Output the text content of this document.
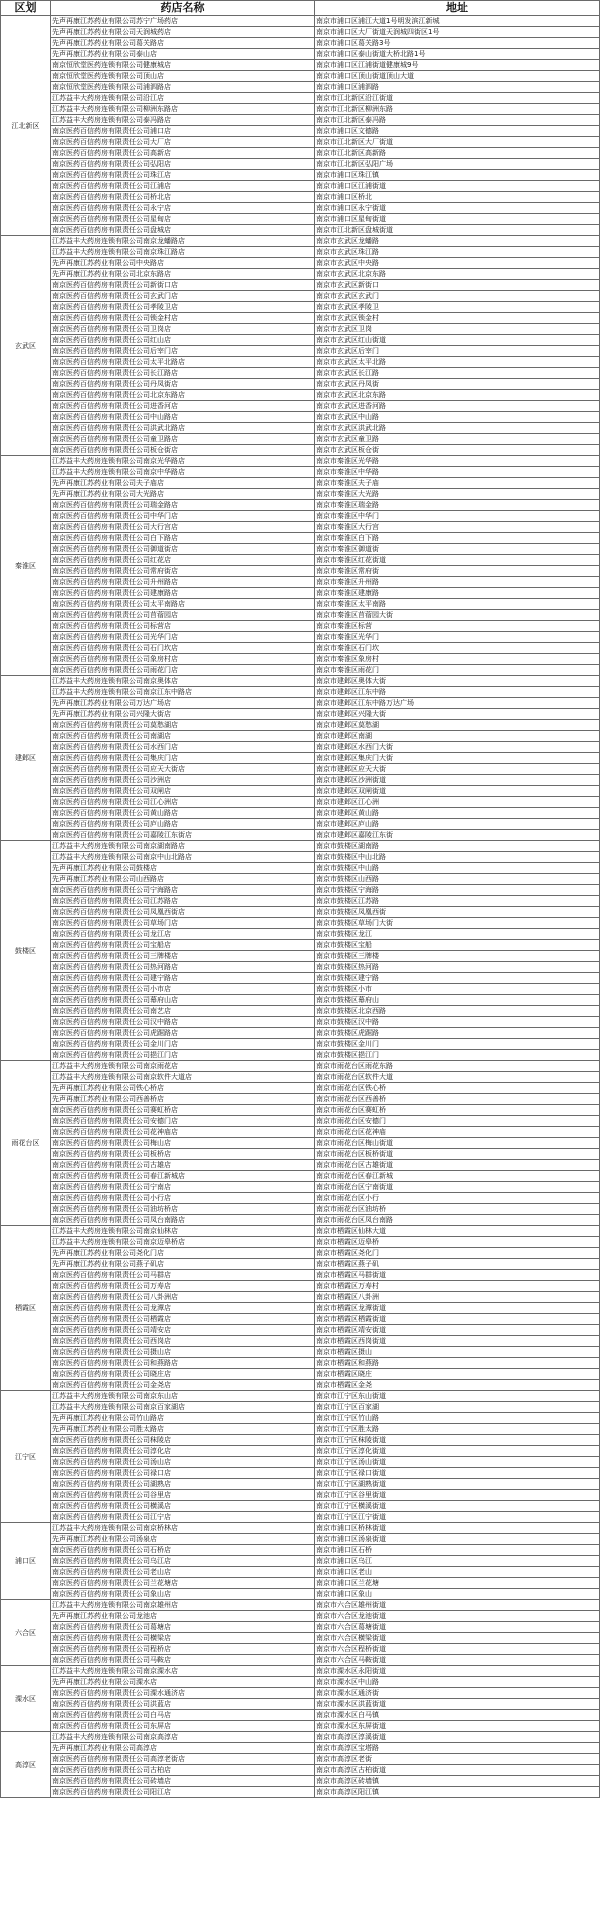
区划	药店名称	地址
江北新区	先声再康江苏药业有限公司苏宁广场药店	南京市浦口区浦江大道1号明发滨江新城
	先声再康江苏药业有限公司天润城药店	南京市浦口区大厂街道天润城四街区1号
	先声再康江苏药业有限公司葛关路店	南京市浦口区葛关路3号
	先声再康江苏药业有限公司泰山店	南京市浦口区泰山街道大桥北路1号
	南京恒欣堂医药连锁有限公司健康城店	南京市浦口区江浦街道健康城9号
	南京恒欣堂医药连锁有限公司顶山店	南京市浦口区顶山街道顶山大道
	南京恒欣堂医药连锁有限公司浦泗路店	南京市浦口区浦泗路
	江苏益丰大药房连锁有限公司沿江店	南京市江北新区沿江街道
	江苏益丰大药房连锁有限公司柳洲东路店	南京市江北新区柳洲东路
	江苏益丰大药房连锁有限公司泰冯路店	南京市江北新区泰冯路
	南京医药百信药房有限责任公司浦口店	南京市浦口区文德路
	南京医药百信药房有限责任公司大厂店	南京市江北新区大厂街道
	南京医药百信药房有限责任公司高新店	南京市江北新区高新路
	南京医药百信药房有限责任公司弘阳店	南京市江北新区弘阳广场
	南京医药百信药房有限责任公司珠江店	南京市浦口区珠江镇
	南京医药百信药房有限责任公司江浦店	南京市浦口区江浦街道
	南京医药百信药房有限责任公司桥北店	南京市浦口区桥北
	南京医药百信药房有限责任公司永宁店	南京市浦口区永宁街道
	南京医药百信药房有限责任公司星甸店	南京市浦口区星甸街道
	南京医药百信药房有限责任公司盘城店	南京市江北新区盘城街道
玄武区	江苏益丰大药房连锁有限公司南京龙蟠路店	南京市玄武区龙蟠路
	江苏益丰大药房连锁有限公司南京珠江路店	南京市玄武区珠江路
	先声再康江苏药业有限公司中央路店	南京市玄武区中央路
	先声再康江苏药业有限公司北京东路店	南京市玄武区北京东路
	南京医药百信药房有限责任公司新街口店	南京市玄武区新街口
	南京医药百信药房有限责任公司玄武门店	南京市玄武区玄武门
	南京医药百信药房有限责任公司孝陵卫店	南京市玄武区孝陵卫
	南京医药百信药房有限责任公司锁金村店	南京市玄武区锁金村
	南京医药百信药房有限责任公司卫岗店	南京市玄武区卫岗
	南京医药百信药房有限责任公司红山店	南京市玄武区红山街道
	南京医药百信药房有限责任公司后宰门店	南京市玄武区后宰门
	南京医药百信药房有限责任公司太平北路店	南京市玄武区太平北路
	南京医药百信药房有限责任公司长江路店	南京市玄武区长江路
	南京医药百信药房有限责任公司丹凤街店	南京市玄武区丹凤街
	南京医药百信药房有限责任公司北京东路店	南京市玄武区北京东路
	南京医药百信药房有限责任公司进香河店	南京市玄武区进香河路
	南京医药百信药房有限责任公司中山路店	南京市玄武区中山路
	南京医药百信药房有限责任公司洪武北路店	南京市玄武区洪武北路
	南京医药百信药房有限责任公司童卫路店	南京市玄武区童卫路
	南京医药百信药房有限责任公司板仓街店	南京市玄武区板仓街
秦淮区	江苏益丰大药房连锁有限公司南京光华路店	南京市秦淮区光华路
	江苏益丰大药房连锁有限公司南京中华路店	南京市秦淮区中华路
	先声再康江苏药业有限公司夫子庙店	南京市秦淮区夫子庙
	先声再康江苏药业有限公司大光路店	南京市秦淮区大光路
	南京医药百信药房有限责任公司瑞金路店	南京市秦淮区瑞金路
	南京医药百信药房有限责任公司中华门店	南京市秦淮区中华门
	南京医药百信药房有限责任公司大行宫店	南京市秦淮区大行宫
	南京医药百信药房有限责任公司白下路店	南京市秦淮区白下路
	南京医药百信药房有限责任公司御道街店	南京市秦淮区御道街
	南京医药百信药房有限责任公司红花店	南京市秦淮区红花街道
	南京医药百信药房有限责任公司常府街店	南京市秦淮区常府街
	南京医药百信药房有限责任公司升州路店	南京市秦淮区升州路
	南京医药百信药房有限责任公司建康路店	南京市秦淮区建康路
	南京医药百信药房有限责任公司太平南路店	南京市秦淮区太平南路
	南京医药百信药房有限责任公司苜蓿园店	南京市秦淮区苜蓿园大街
	南京医药百信药房有限责任公司标营店	南京市秦淮区标营
	南京医药百信药房有限责任公司光华门店	南京市秦淮区光华门
	南京医药百信药房有限责任公司石门坎店	南京市秦淮区石门坎
	南京医药百信药房有限责任公司象房村店	南京市秦淮区象房村
	南京医药百信药房有限责任公司雨花门店	南京市秦淮区雨花门
建邺区	江苏益丰大药房连锁有限公司南京奥体店	南京市建邺区奥体大街
	江苏益丰大药房连锁有限公司南京江东中路店	南京市建邺区江东中路
	先声再康江苏药业有限公司万达广场店	南京市建邺区江东中路万达广场
	先声再康江苏药业有限公司兴隆大街店	南京市建邺区兴隆大街
	南京医药百信药房有限责任公司莫愁湖店	南京市建邺区莫愁湖
	南京医药百信药房有限责任公司南湖店	南京市建邺区南湖
	南京医药百信药房有限责任公司水西门店	南京市建邺区水西门大街
	南京医药百信药房有限责任公司集庆门店	南京市建邺区集庆门大街
	南京医药百信药房有限责任公司应天大街店	南京市建邺区应天大街
	南京医药百信药房有限责任公司沙洲店	南京市建邺区沙洲街道
	南京医药百信药房有限责任公司双闸店	南京市建邺区双闸街道
	南京医药百信药房有限责任公司江心洲店	南京市建邺区江心洲
	南京医药百信药房有限责任公司黄山路店	南京市建邺区黄山路
	南京医药百信药房有限责任公司庐山路店	南京市建邺区庐山路
	南京医药百信药房有限责任公司嘉陵江东街店	南京市建邺区嘉陵江东街
鼓楼区	江苏益丰大药房连锁有限公司南京湖南路店	南京市鼓楼区湖南路
	江苏益丰大药房连锁有限公司南京中山北路店	南京市鼓楼区中山北路
	先声再康江苏药业有限公司鼓楼店	南京市鼓楼区中山路
	先声再康江苏药业有限公司山西路店	南京市鼓楼区山西路
	南京医药百信药房有限责任公司宁海路店	南京市鼓楼区宁海路
	南京医药百信药房有限责任公司江苏路店	南京市鼓楼区江苏路
	南京医药百信药房有限责任公司凤凰西街店	南京市鼓楼区凤凰西街
	南京医药百信药房有限责任公司草场门店	南京市鼓楼区草场门大街
	南京医药百信药房有限责任公司龙江店	南京市鼓楼区龙江
	南京医药百信药房有限责任公司宝船店	南京市鼓楼区宝船
	南京医药百信药房有限责任公司三牌楼店	南京市鼓楼区三牌楼
	南京医药百信药房有限责任公司热河路店	南京市鼓楼区热河路
	南京医药百信药房有限责任公司建宁路店	南京市鼓楼区建宁路
	南京医药百信药房有限责任公司小市店	南京市鼓楼区小市
	南京医药百信药房有限责任公司幕府山店	南京市鼓楼区幕府山
	南京医药百信药房有限责任公司南艺店	南京市鼓楼区北京西路
	南京医药百信药房有限责任公司汉中路店	南京市鼓楼区汉中路
	南京医药百信药房有限责任公司虎踞路店	南京市鼓楼区虎踞路
	南京医药百信药房有限责任公司金川门店	南京市鼓楼区金川门
	南京医药百信药房有限责任公司挹江门店	南京市鼓楼区挹江门
雨花台区	江苏益丰大药房连锁有限公司南京雨花店	南京市雨花台区雨花东路
	江苏益丰大药房连锁有限公司南京软件大道店	南京市雨花台区软件大道
	先声再康江苏药业有限公司铁心桥店	南京市雨花台区铁心桥
	先声再康江苏药业有限公司西善桥店	南京市雨花台区西善桥
	南京医药百信药房有限责任公司赛虹桥店	南京市雨花台区赛虹桥
	南京医药百信药房有限责任公司安德门店	南京市雨花台区安德门
	南京医药百信药房有限责任公司花神庙店	南京市雨花台区花神庙
	南京医药百信药房有限责任公司梅山店	南京市雨花台区梅山街道
	南京医药百信药房有限责任公司板桥店	南京市雨花台区板桥街道
	南京医药百信药房有限责任公司古雄店	南京市雨花台区古雄街道
	南京医药百信药房有限责任公司春江新城店	南京市雨花台区春江新城
	南京医药百信药房有限责任公司宁南店	南京市雨花台区宁南街道
	南京医药百信药房有限责任公司小行店	南京市雨花台区小行
	南京医药百信药房有限责任公司油坊桥店	南京市雨花台区油坊桥
	南京医药百信药房有限责任公司凤台南路店	南京市雨花台区凤台南路
栖霞区	江苏益丰大药房连锁有限公司南京仙林店	南京市栖霞区仙林大道
	江苏益丰大药房连锁有限公司南京迈皋桥店	南京市栖霞区迈皋桥
	先声再康江苏药业有限公司尧化门店	南京市栖霞区尧化门
	先声再康江苏药业有限公司燕子矶店	南京市栖霞区燕子矶
	南京医药百信药房有限责任公司马群店	南京市栖霞区马群街道
	南京医药百信药房有限责任公司万寿店	南京市栖霞区万寿村
	南京医药百信药房有限责任公司八卦洲店	南京市栖霞区八卦洲
	南京医药百信药房有限责任公司龙潭店	南京市栖霞区龙潭街道
	南京医药百信药房有限责任公司栖霞店	南京市栖霞区栖霞街道
	南京医药百信药房有限责任公司靖安店	南京市栖霞区靖安街道
	南京医药百信药房有限责任公司西岗店	南京市栖霞区西岗街道
	南京医药百信药房有限责任公司摄山店	南京市栖霞区摄山
	南京医药百信药房有限责任公司和燕路店	南京市栖霞区和燕路
	南京医药百信药房有限责任公司晓庄店	南京市栖霞区晓庄
	南京医药百信药房有限责任公司金尧店	南京市栖霞区金尧
江宁区	江苏益丰大药房连锁有限公司南京东山店	南京市江宁区东山街道
	江苏益丰大药房连锁有限公司南京百家湖店	南京市江宁区百家湖
	先声再康江苏药业有限公司竹山路店	南京市江宁区竹山路
	先声再康江苏药业有限公司胜太路店	南京市江宁区胜太路
	南京医药百信药房有限责任公司秣陵店	南京市江宁区秣陵街道
	南京医药百信药房有限责任公司淳化店	南京市江宁区淳化街道
	南京医药百信药房有限责任公司汤山店	南京市江宁区汤山街道
	南京医药百信药房有限责任公司禄口店	南京市江宁区禄口街道
	南京医药百信药房有限责任公司湖熟店	南京市江宁区湖熟街道
	南京医药百信药房有限责任公司谷里店	南京市江宁区谷里街道
	南京医药百信药房有限责任公司横溪店	南京市江宁区横溪街道
	南京医药百信药房有限责任公司江宁店	南京市江宁区江宁街道
浦口区	江苏益丰大药房连锁有限公司南京桥林店	南京市浦口区桥林街道
	先声再康江苏药业有限公司汤泉店	南京市浦口区汤泉街道
	南京医药百信药房有限责任公司石桥店	南京市浦口区石桥
	南京医药百信药房有限责任公司乌江店	南京市浦口区乌江
	南京医药百信药房有限责任公司老山店	南京市浦口区老山
	南京医药百信药房有限责任公司兰花塘店	南京市浦口区兰花塘
	南京医药百信药房有限责任公司象山店	南京市浦口区象山
六合区	江苏益丰大药房连锁有限公司南京雄州店	南京市六合区雄州街道
	先声再康江苏药业有限公司龙池店	南京市六合区龙池街道
	南京医药百信药房有限责任公司葛塘店	南京市六合区葛塘街道
	南京医药百信药房有限责任公司横梁店	南京市六合区横梁街道
	南京医药百信药房有限责任公司程桥店	南京市六合区程桥街道
	南京医药百信药房有限责任公司马鞍店	南京市六合区马鞍街道
溧水区	江苏益丰大药房连锁有限公司南京溧水店	南京市溧水区永阳街道
	先声再康江苏药业有限公司溧水店	南京市溧水区中山路
	南京医药百信药房有限责任公司溧水通济店	南京市溧水区通济街
	南京医药百信药房有限责任公司洪蓝店	南京市溧水区洪蓝街道
	南京医药百信药房有限责任公司白马店	南京市溧水区白马镇
	南京医药百信药房有限责任公司东屏店	南京市溧水区东屏街道
高淳区	江苏益丰大药房连锁有限公司南京高淳店	南京市高淳区淳溪街道
	先声再康江苏药业有限公司高淳店	南京市高淳区宝塔路
	南京医药百信药房有限责任公司高淳老街店	南京市高淳区老街
	南京医药百信药房有限责任公司古柏店	南京市高淳区古柏街道
	南京医药百信药房有限责任公司砖墙店	南京市高淳区砖墙镇
	南京医药百信药房有限责任公司阳江店	南京市高淳区阳江镇
